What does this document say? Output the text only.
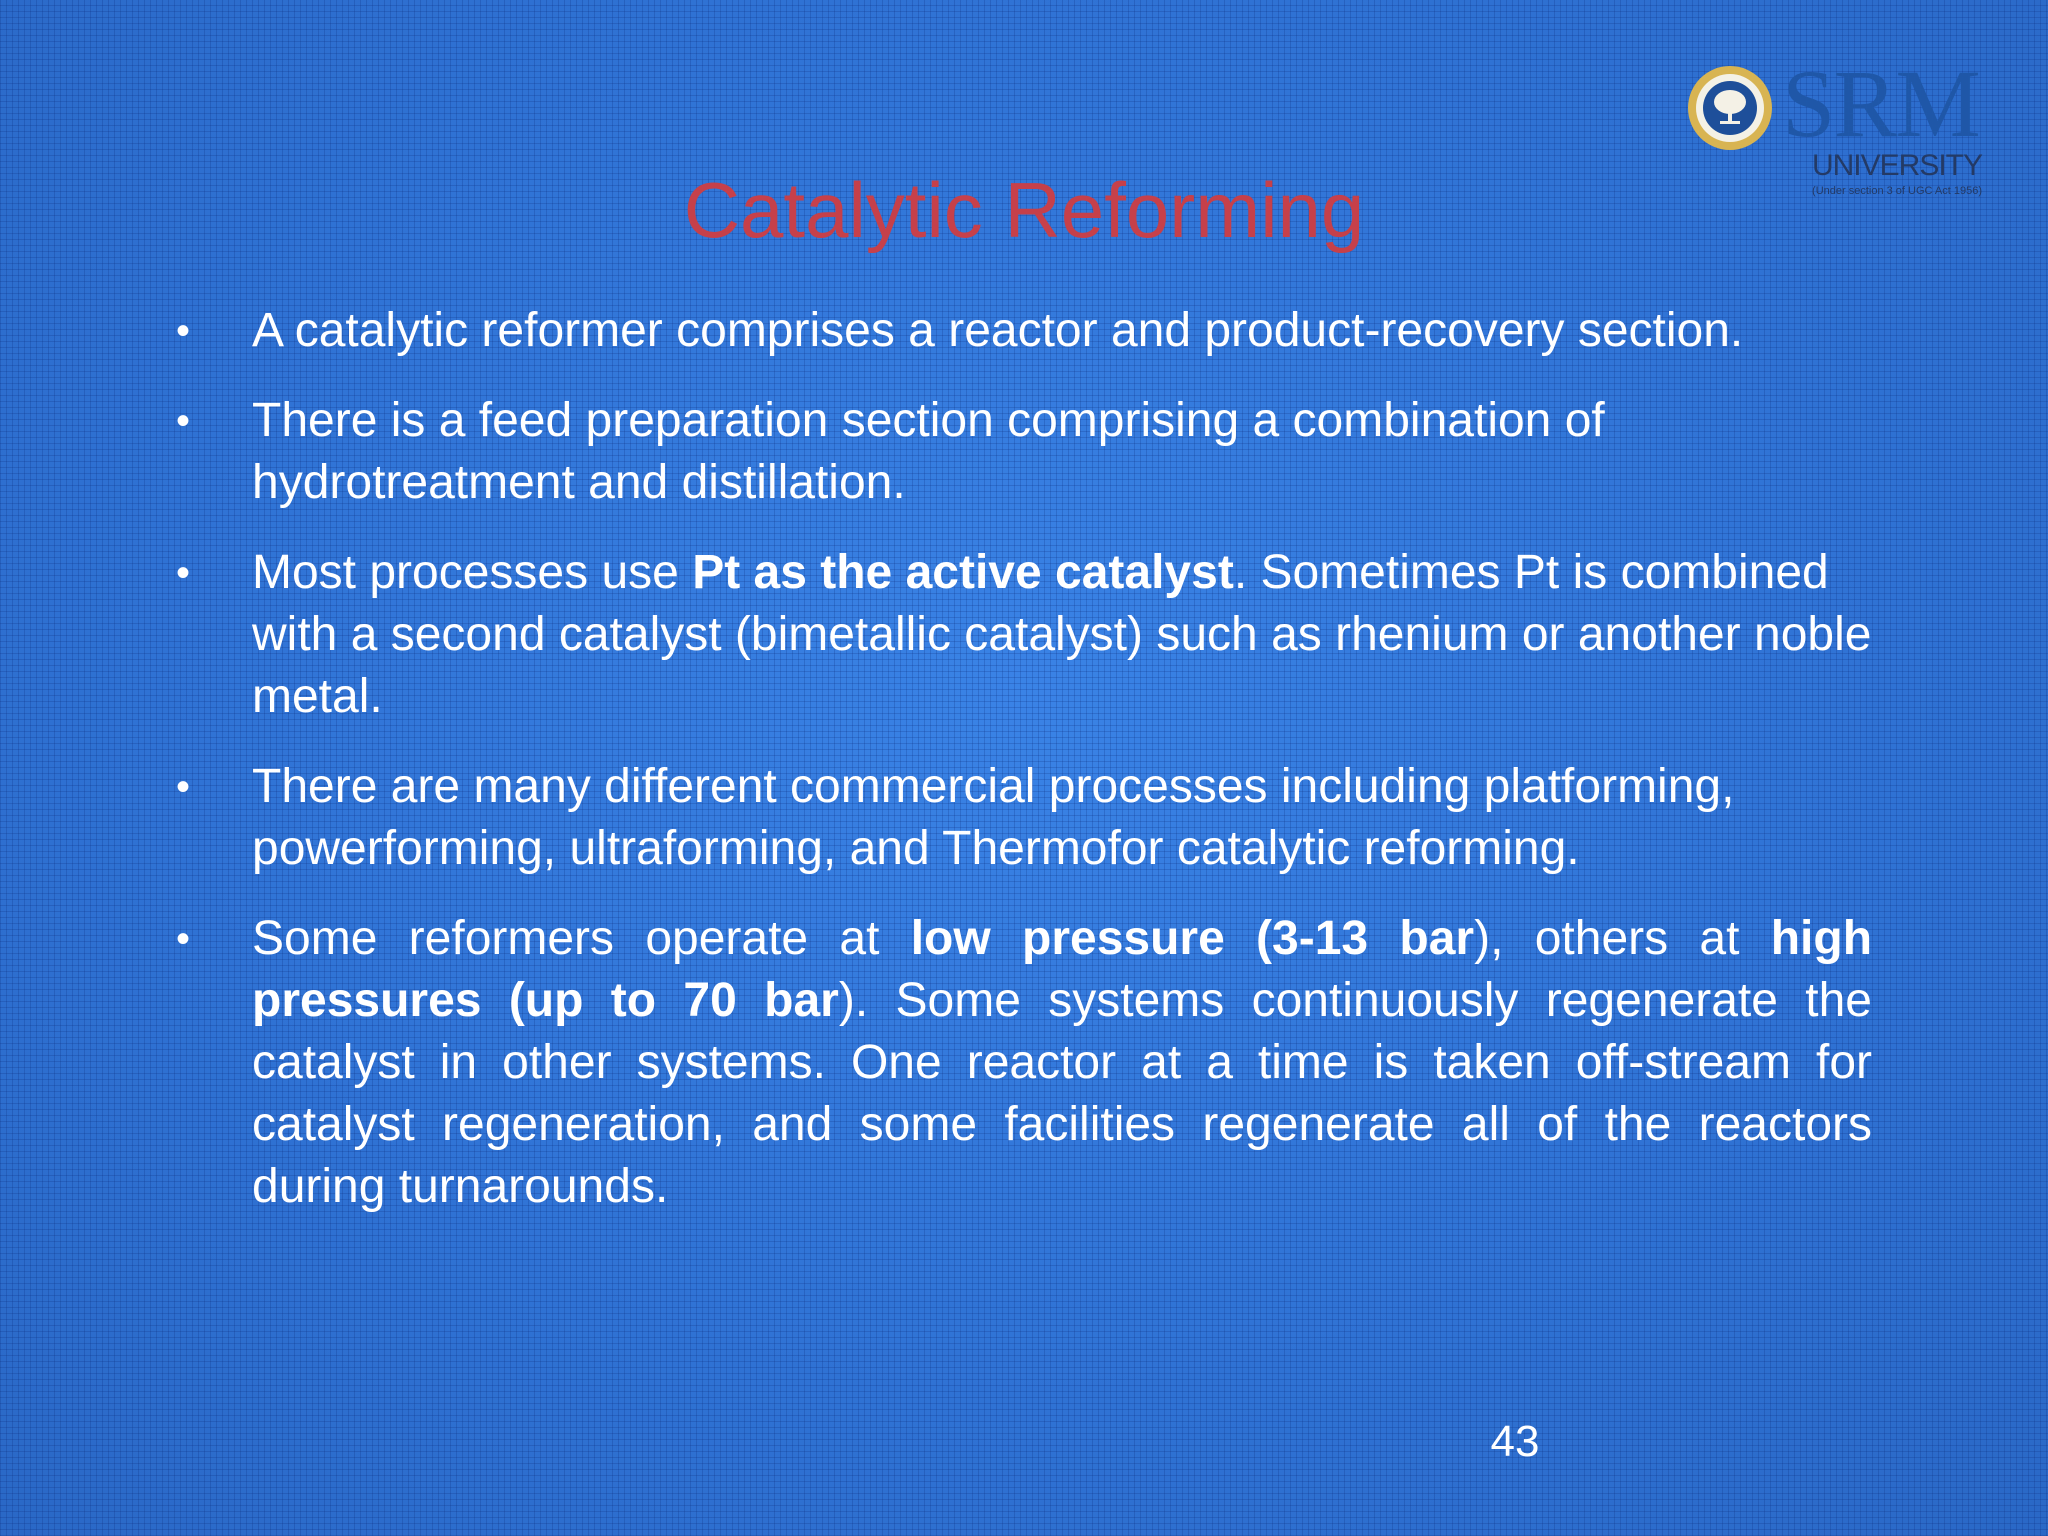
SRM
UNIVERSITY
(Under section 3 of UGC Act 1956)
Catalytic Reforming
• A catalytic reformer comprises a reactor and product-recovery section.
• There is a feed preparation section comprising a combination of hydrotreatment and distillation.
• Most processes use Pt as the active catalyst. Sometimes Pt is combined with a second catalyst (bimetallic catalyst) such as rhenium or another noble metal.
• There are many different commercial processes including platforming, powerforming, ultraforming, and Thermofor catalytic reforming.
• Some reformers operate at low pressure (3-13 bar), others at high pressures (up to 70 bar). Some systems continuously regenerate the catalyst in other systems. One reactor at a time is taken off-stream for catalyst regeneration, and some facilities regenerate all of the reactors during turnarounds.
43
